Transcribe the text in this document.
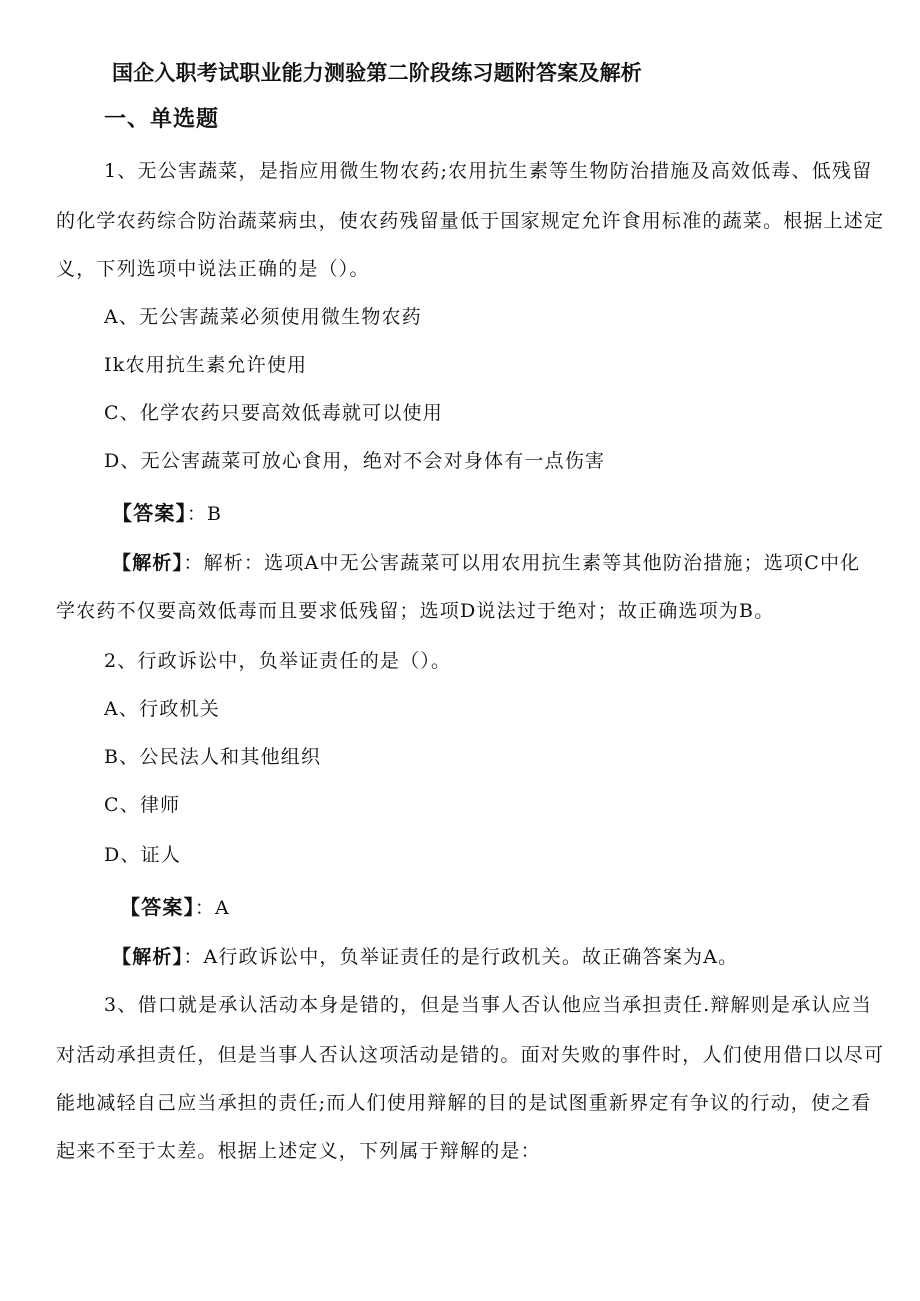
国企入职考试职业能力测验第二阶段练习题附答案及解析
一、单选题
1、无公害蔬菜，是指应用微生物农药;农用抗生素等生物防治措施及高效低毒、低残留
的化学农药综合防治蔬菜病虫，使农药残留量低于国家规定允许食用标准的蔬菜。根据上述定
义，下列选项中说法正确的是（）。
A、无公害蔬菜必须使用微生物农药
Ik农用抗生素允许使用
C、化学农药只要高效低毒就可以使用
D、无公害蔬菜可放心食用，绝对不会对身体有一点伤害
【答案】：B
【解析】：解析：选项A中无公害蔬菜可以用农用抗生素等其他防治措施；选项C中化
学农药不仅要高效低毒而且要求低残留；选项D说法过于绝对；故正确选项为B。
2、行政诉讼中，负举证责任的是（）。
A、行政机关
B、公民法人和其他组织
C、律师
D、证人
【答案】：A
【解析】：A行政诉讼中，负举证责任的是行政机关。故正确答案为A。
3、借口就是承认活动本身是错的，但是当事人否认他应当承担责任.辩解则是承认应当
对活动承担责任，但是当事人否认这项活动是错的。面对失败的事件时，人们使用借口以尽可
能地减轻自己应当承担的责任;而人们使用辩解的目的是试图重新界定有争议的行动，使之看
起来不至于太差。根据上述定义，下列属于辩解的是：
